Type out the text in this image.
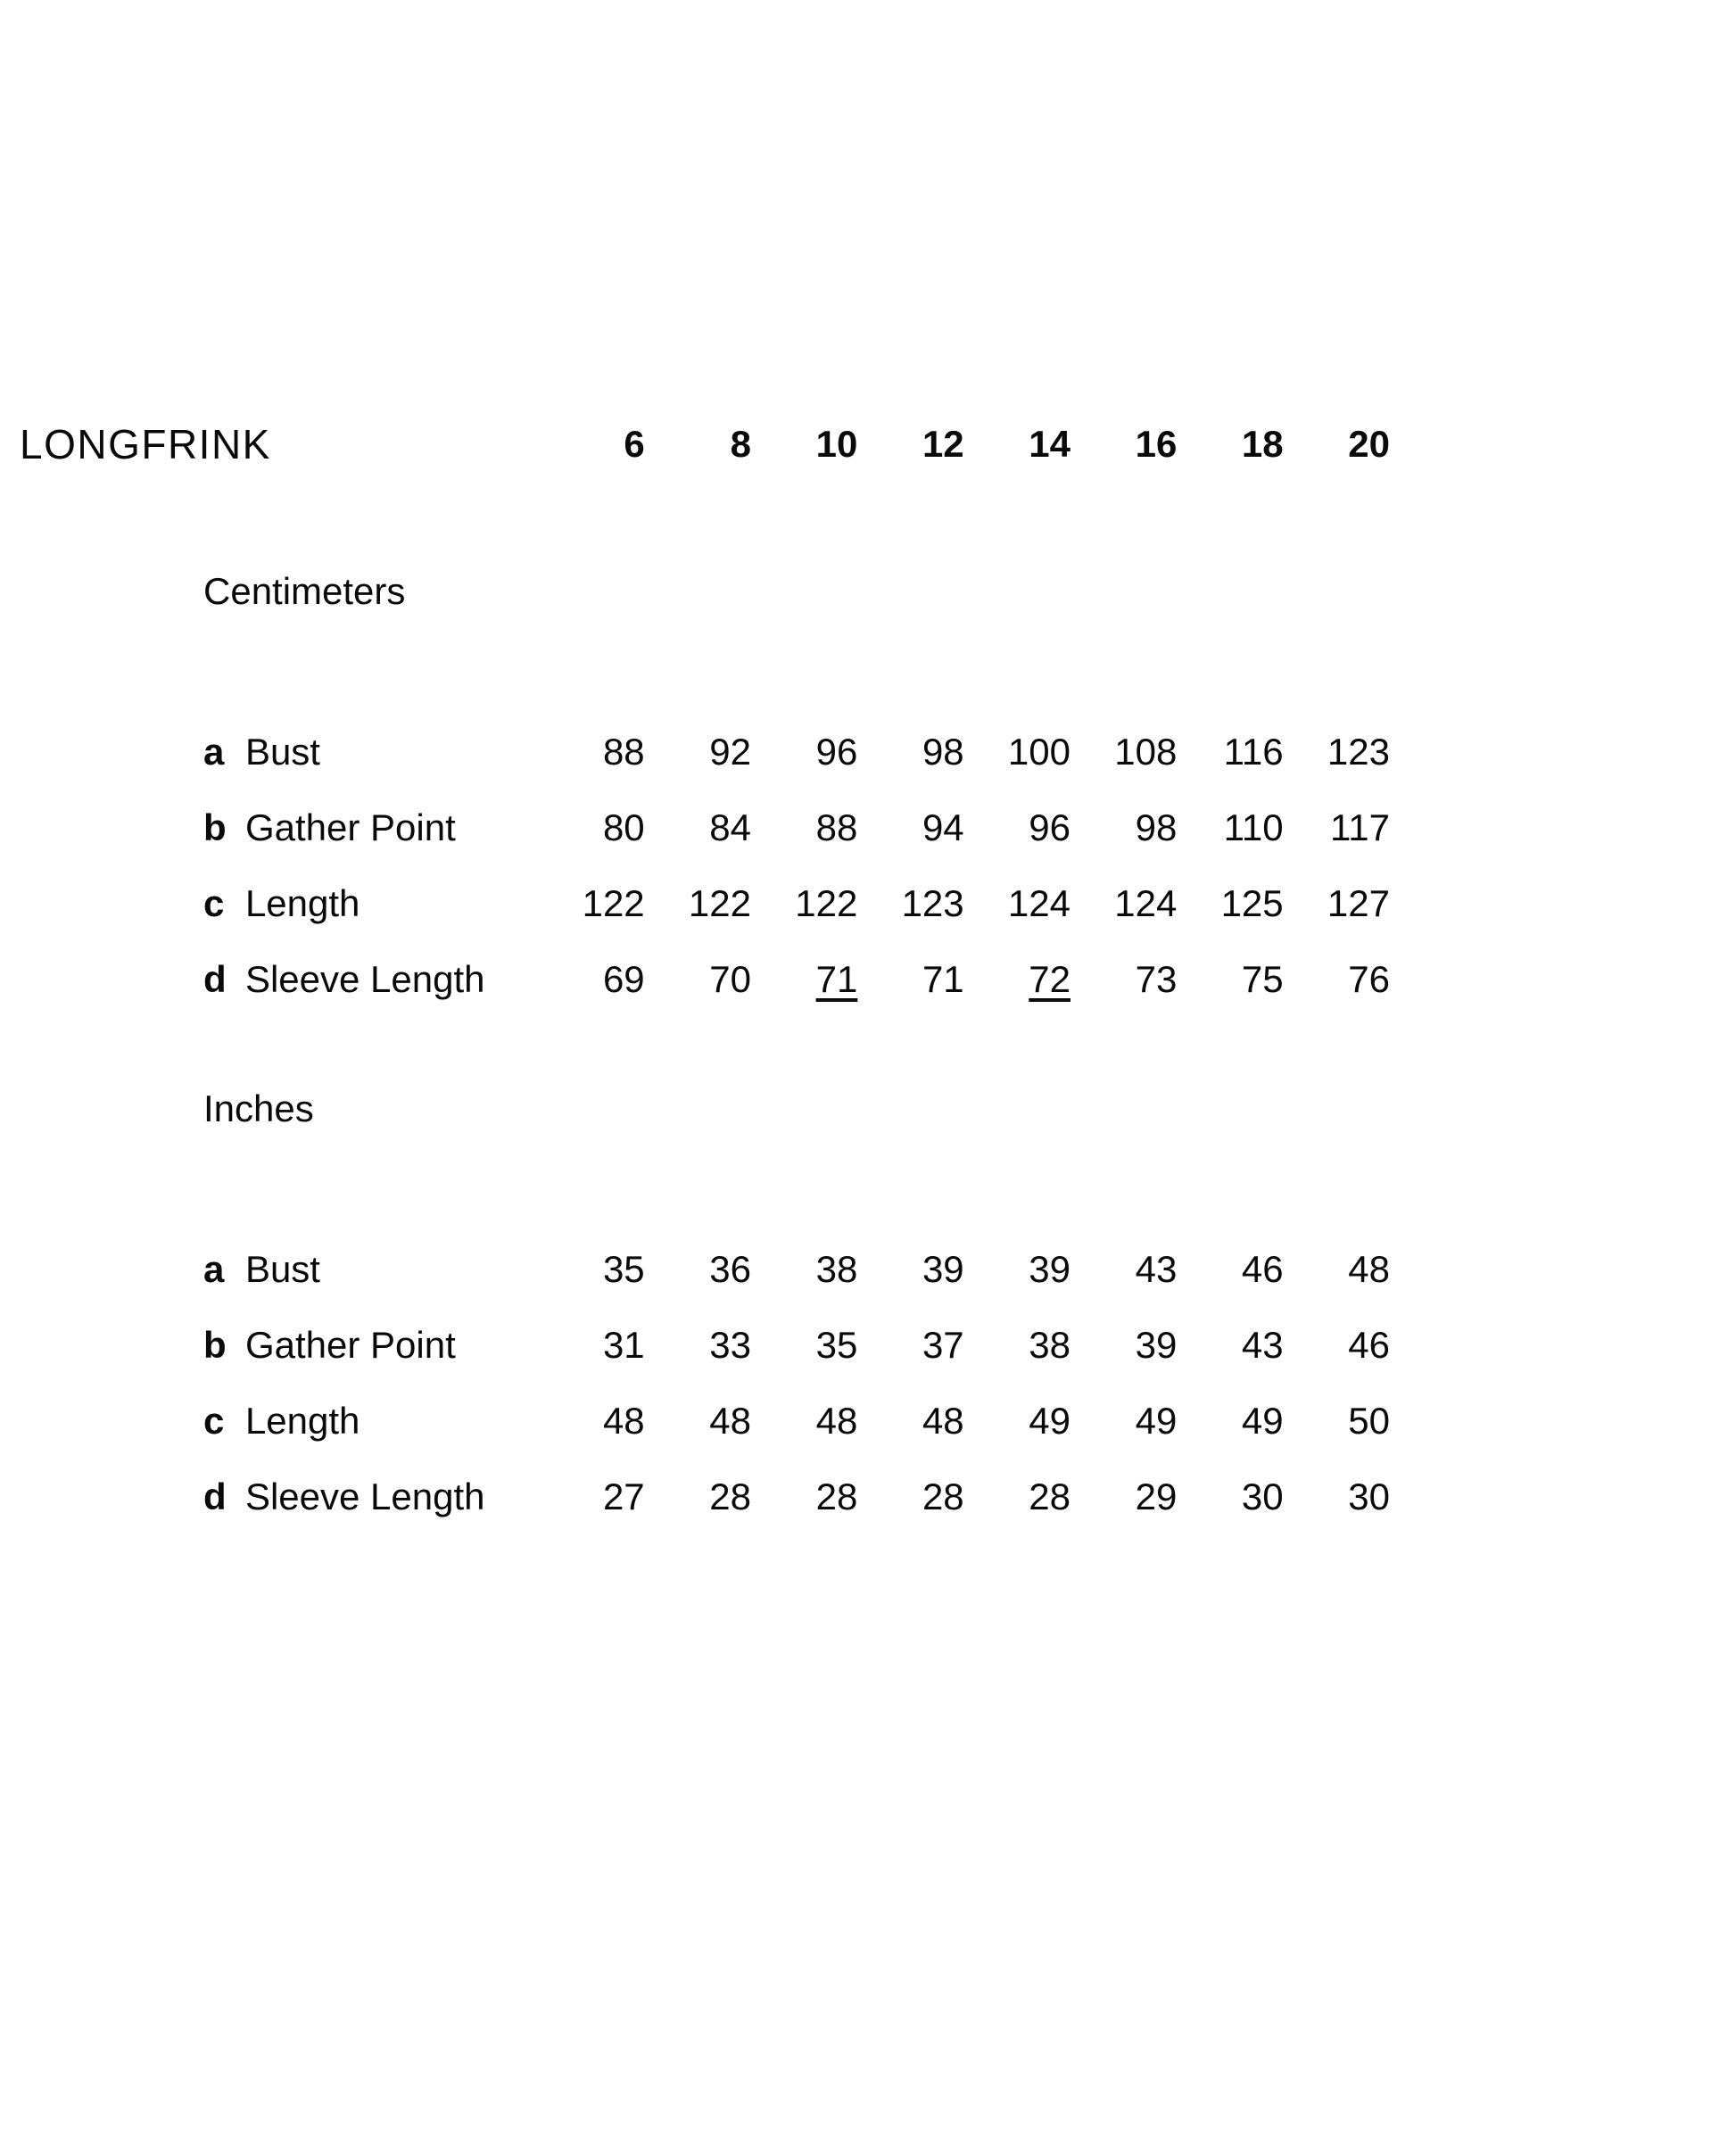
LONGFRINK		6	8	10	12	14	16	18	20

Centimeters									

a	Bust	88	92	96	98	100	108	116	123
b	Gather Point	80	84	88	94	96	98	110	117
c	Length	122	122	122	123	124	124	125	127
d	Sleeve Length	69	70	71	71	72	73	75	76

Inches									

a	Bust	35	36	38	39	39	43	46	48
b	Gather Point	31	33	35	37	38	39	43	46
c	Length	48	48	48	48	49	49	49	50
d	Sleeve Length	27	28	28	28	28	29	30	30
